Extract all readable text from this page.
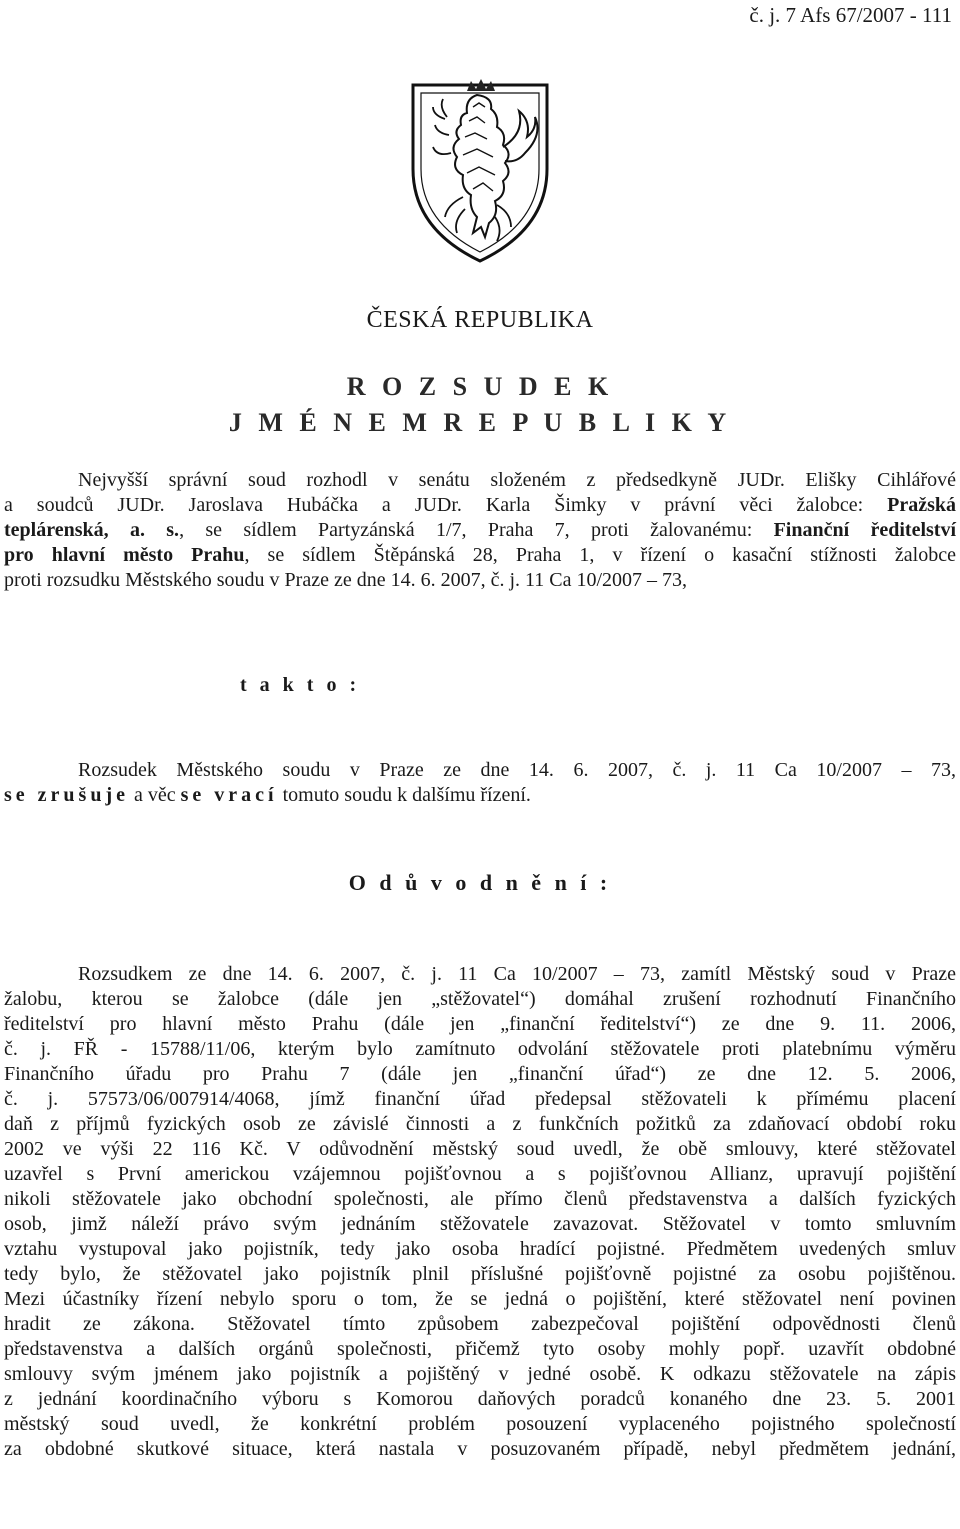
č. j. 7 Afs 67/2007 - 111
ČESKÁ REPUBLIKA
R O Z S U D E K
J M É N E M R E P U B L I K Y
Nejvyšší správní soud rozhodl v senátu složeném z předsedkyně JUDr. Elišky Cihlářové
a soudců JUDr. Jaroslava Hubáčka a JUDr. Karla Šimky v právní věci žalobce: Pražská
teplárenská, a. s., se sídlem Partyzánská 1/7, Praha 7, proti žalovanému: Finanční ředitelství
pro hlavní město Prahu, se sídlem Štěpánská 28, Praha 1, v řízení o kasační stížnosti žalobce
proti rozsudku Městského soudu v Praze ze dne 14. 6. 2007, č. j. 11 Ca 10/2007 – 73,
t a k t o :
Rozsudek Městského soudu v Praze ze dne 14. 6. 2007, č. j. 11 Ca 10/2007 – 73,
se zrušuje a věc se vrací tomuto soudu k dalšímu řízení.
O d ů v o d n ě n í :
Rozsudkem ze dne 14. 6. 2007, č. j. 11 Ca 10/2007 – 73, zamítl Městský soud v Praze
žalobu, kterou se žalobce (dále jen „stěžovatel“) domáhal zrušení rozhodnutí Finančního
ředitelství pro hlavní město Prahu (dále jen „finanční ředitelství“) ze dne 9. 11. 2006,
č. j. FŘ - 15788/11/06, kterým bylo zamítnuto odvolání stěžovatele proti platebnímu výměru
Finančního úřadu pro Prahu 7 (dále jen „finanční úřad“) ze dne 12. 5. 2006,
č. j. 57573/06/007914/4068, jímž finanční úřad předepsal stěžovateli k přímému placení
daň z příjmů fyzických osob ze závislé činnosti a z funkčních požitků za zdaňovací období roku
2002 ve výši 22 116 Kč. V odůvodnění městský soud uvedl, že obě smlouvy, které stěžovatel
uzavřel s První americkou vzájemnou pojišťovnou a s pojišťovnou Allianz, upravují pojištění
nikoli stěžovatele jako obchodní společnosti, ale přímo členů představenstva a dalších fyzických
osob, jimž náleží právo svým jednáním stěžovatele zavazovat. Stěžovatel v tomto smluvním
vztahu vystupoval jako pojistník, tedy jako osoba hradící pojistné. Předmětem uvedených smluv
tedy bylo, že stěžovatel jako pojistník plnil příslušné pojišťovně pojistné za osobu pojištěnou.
Mezi účastníky řízení nebylo sporu o tom, že se jedná o pojištění, které stěžovatel není povinen
hradit ze zákona. Stěžovatel tímto způsobem zabezpečoval pojištění odpovědnosti členů
představenstva a dalších orgánů společnosti, přičemž tyto osoby mohly popř. uzavřít obdobné
smlouvy svým jménem jako pojistník a pojištěný v jedné osobě. K odkazu stěžovatele na zápis
z jednání koordinačního výboru s Komorou daňových poradců konaného dne 23. 5. 2001
městský soud uvedl, že konkrétní problém posouzení vyplaceného pojistného společností
za obdobné skutkové situace, která nastala v posuzovaném případě, nebyl předmětem jednání,
